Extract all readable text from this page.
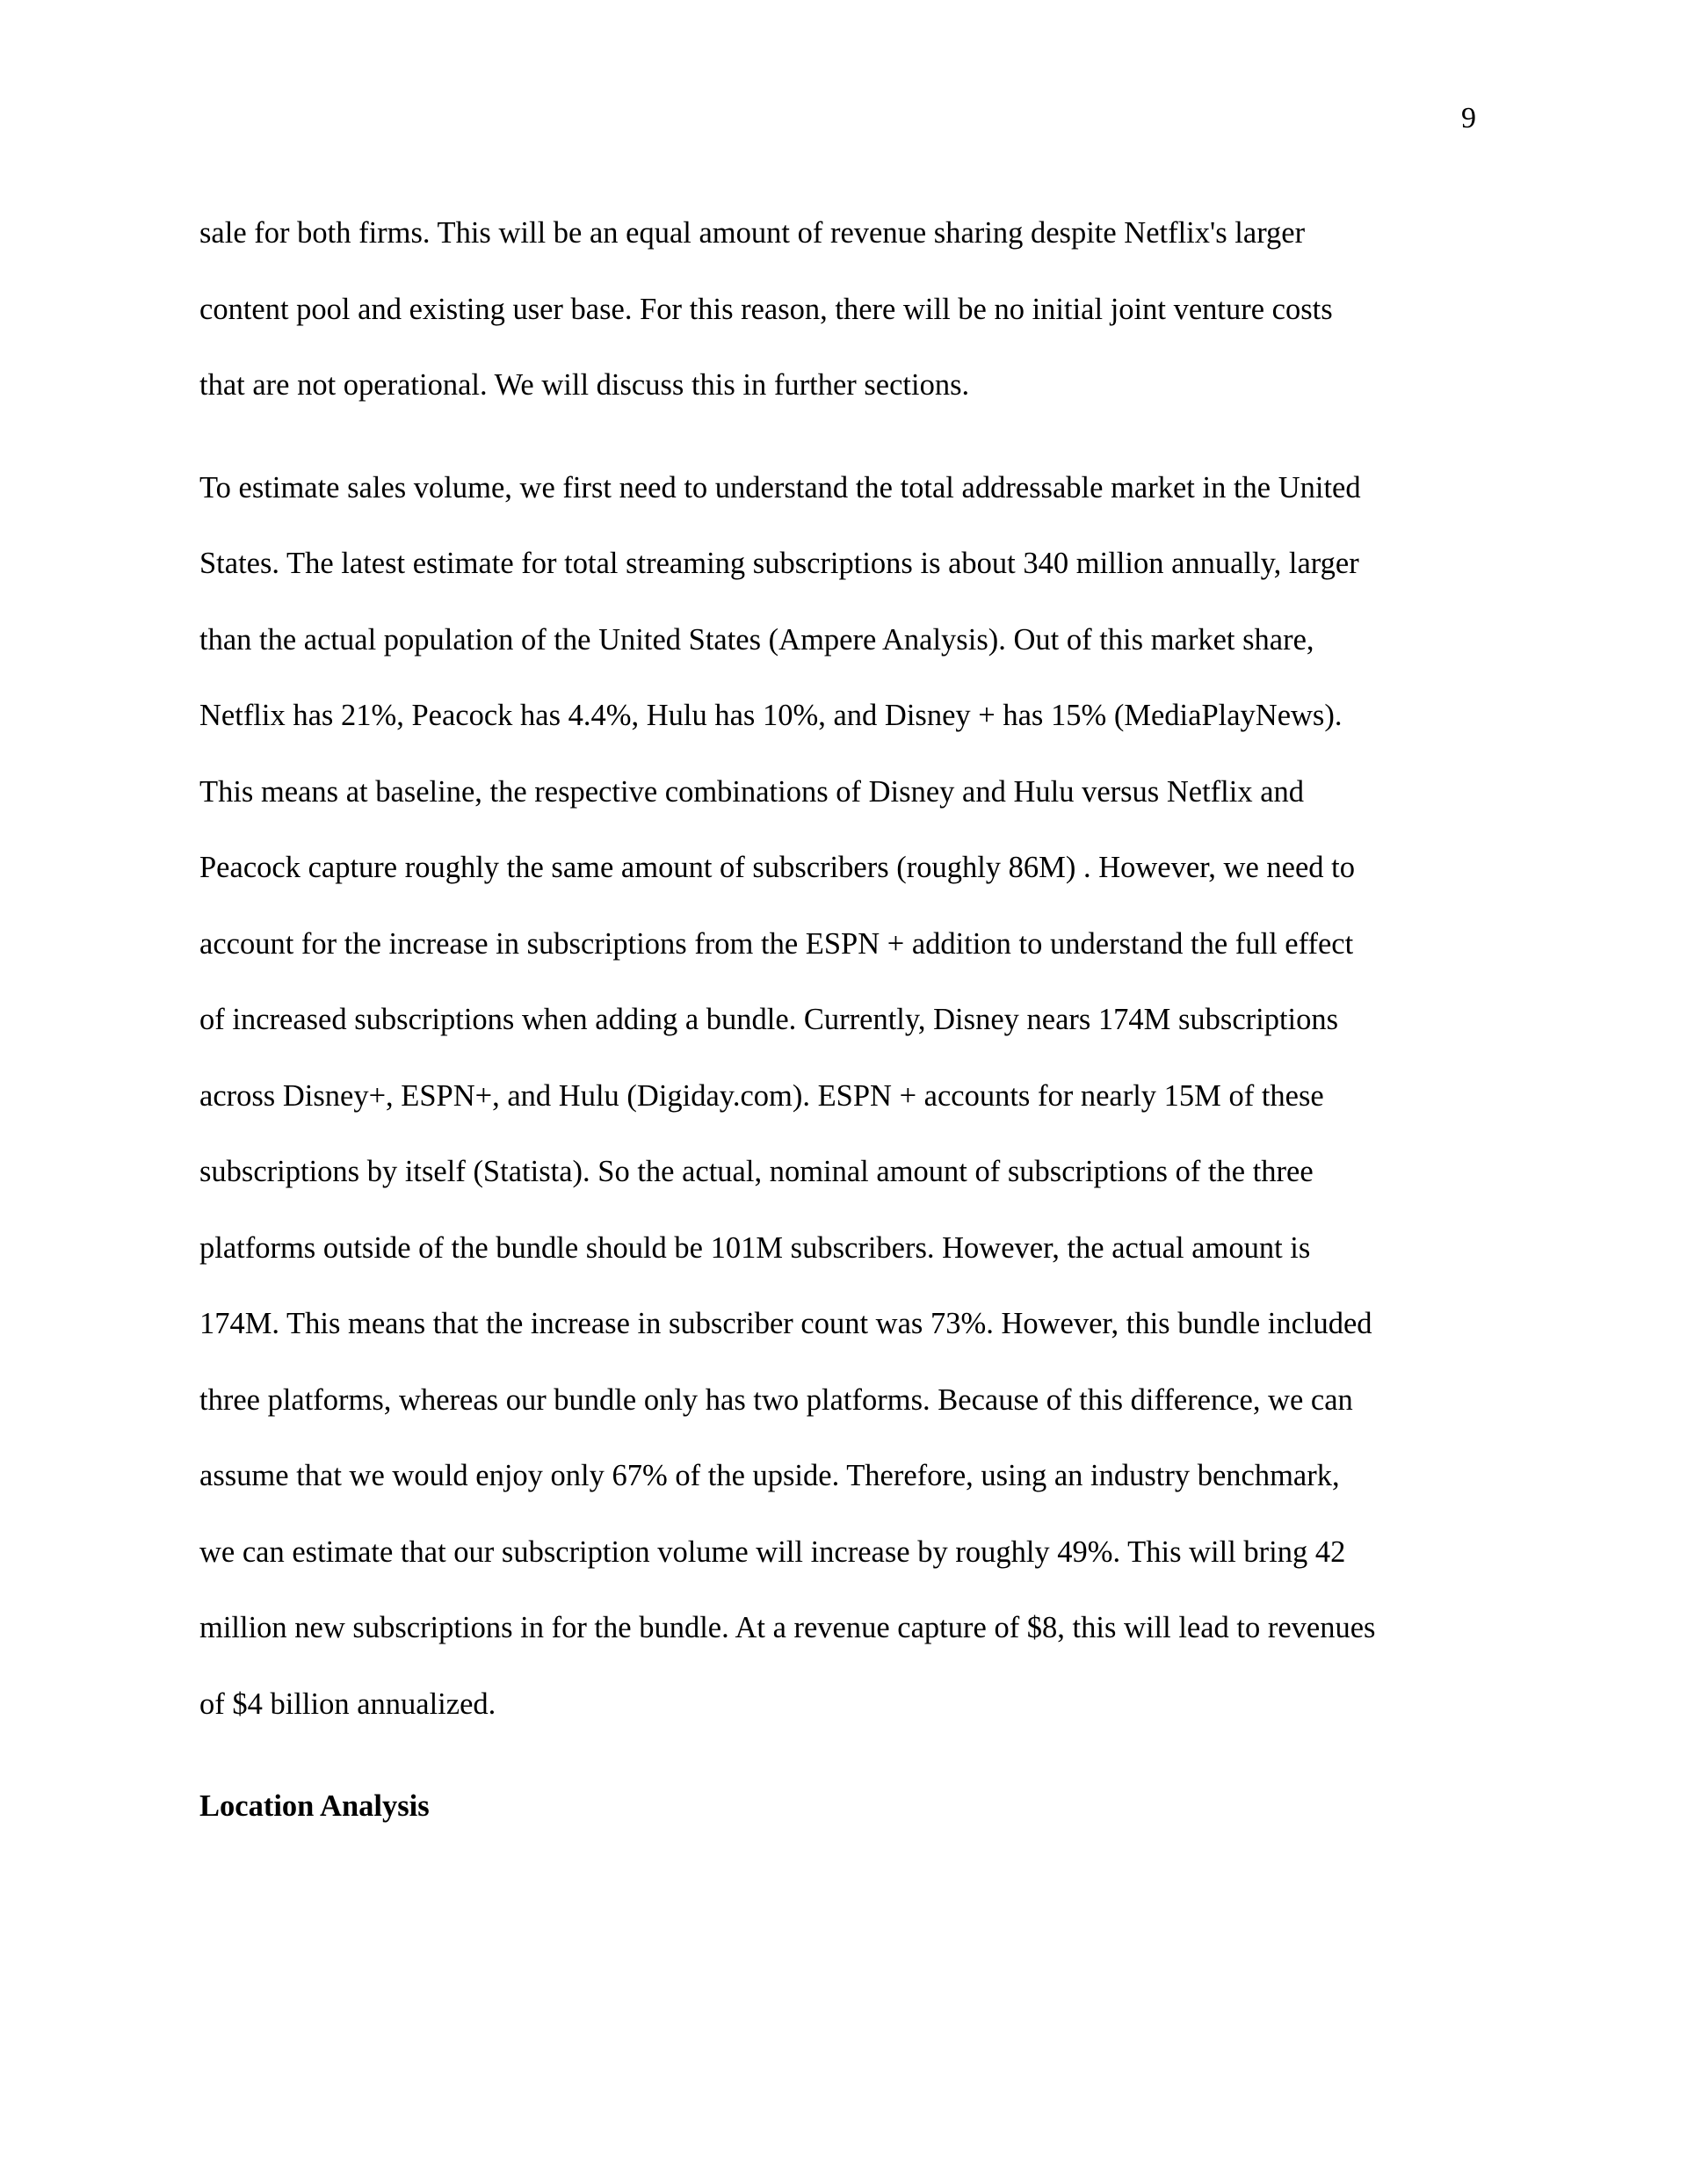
9

sale for both firms. This will be an equal amount of revenue sharing despite Netflix's larger
content pool and existing user base. For this reason, there will be no initial joint venture costs
that are not operational. We will discuss this in further sections.

To estimate sales volume, we first need to understand the total addressable market in the United
States. The latest estimate for total streaming subscriptions is about 340 million annually, larger
than the actual population of the United States (Ampere Analysis). Out of this market share,
Netflix has 21%, Peacock has 4.4%, Hulu has 10%, and Disney + has 15% (MediaPlayNews).
This means at baseline, the respective combinations of Disney and Hulu versus Netflix and
Peacock capture roughly the same amount of subscribers (roughly 86M) . However, we need to
account for the increase in subscriptions from the ESPN + addition to understand the full effect
of increased subscriptions when adding a bundle. Currently, Disney nears 174M subscriptions
across Disney+, ESPN+, and Hulu (Digiday.com). ESPN + accounts for nearly 15M of these
subscriptions by itself (Statista). So the actual, nominal amount of subscriptions of the three
platforms outside of the bundle should be 101M subscribers. However, the actual amount is
174M. This means that the increase in subscriber count was 73%. However, this bundle included
three platforms, whereas our bundle only has two platforms. Because of this difference, we can
assume that we would enjoy only 67% of the upside. Therefore, using an industry benchmark,
we can estimate that our subscription volume will increase by roughly 49%. This will bring 42
million new subscriptions in for the bundle. At a revenue capture of $8, this will lead to revenues
of $4 billion annualized.

Location Analysis
